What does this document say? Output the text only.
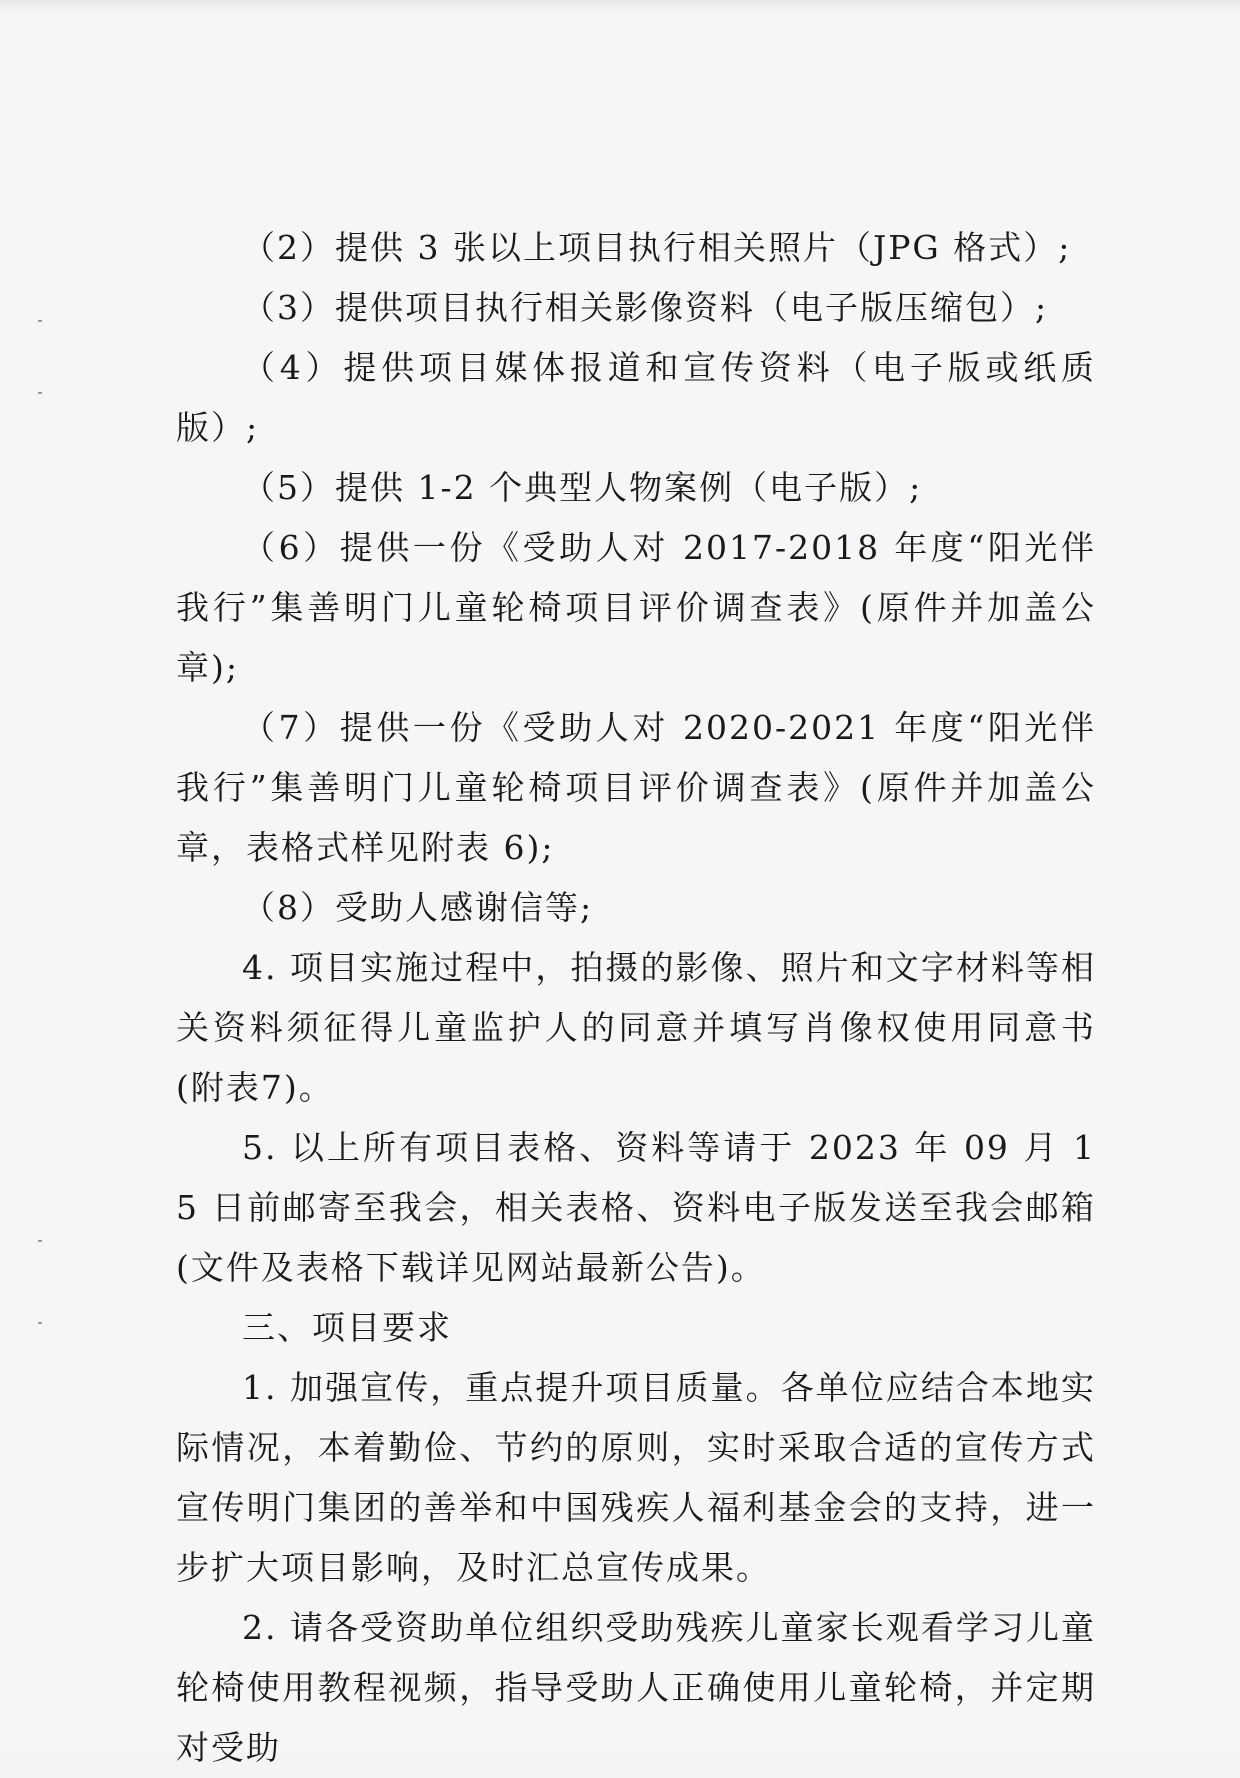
（2）提供 3 张以上项目执行相关照片（JPG 格式）;

（3）提供项目执行相关影像资料（电子版压缩包）;

（4）提供项目媒体报道和宣传资料（电子版或纸质版）;

（5）提供 1-2 个典型人物案例（电子版）;

（6）提供一份《受助人对 2017-2018 年度“阳光伴我行”集善明门儿童轮椅项目评价调查表》(原件并加盖公章);

（7）提供一份《受助人对 2020-2021 年度“阳光伴我行”集善明门儿童轮椅项目评价调查表》(原件并加盖公章，表格式样见附表 6);

（8）受助人感谢信等;

4. 项目实施过程中，拍摄的影像、照片和文字材料等相关资料须征得儿童监护人的同意并填写肖像权使用同意书(附表7)。

5. 以上所有项目表格、资料等请于 2023 年 09 月 15 日前邮寄至我会，相关表格、资料电子版发送至我会邮箱(文件及表格下载详见网站最新公告)。

三、项目要求

1. 加强宣传，重点提升项目质量。各单位应结合本地实际情况，本着勤俭、节约的原则，实时采取合适的宣传方式宣传明门集团的善举和中国残疾人福利基金会的支持，进一步扩大项目影响，及时汇总宣传成果。

2. 请各受资助单位组织受助残疾儿童家长观看学习儿童轮椅使用教程视频，指导受助人正确使用儿童轮椅，并定期对受助
